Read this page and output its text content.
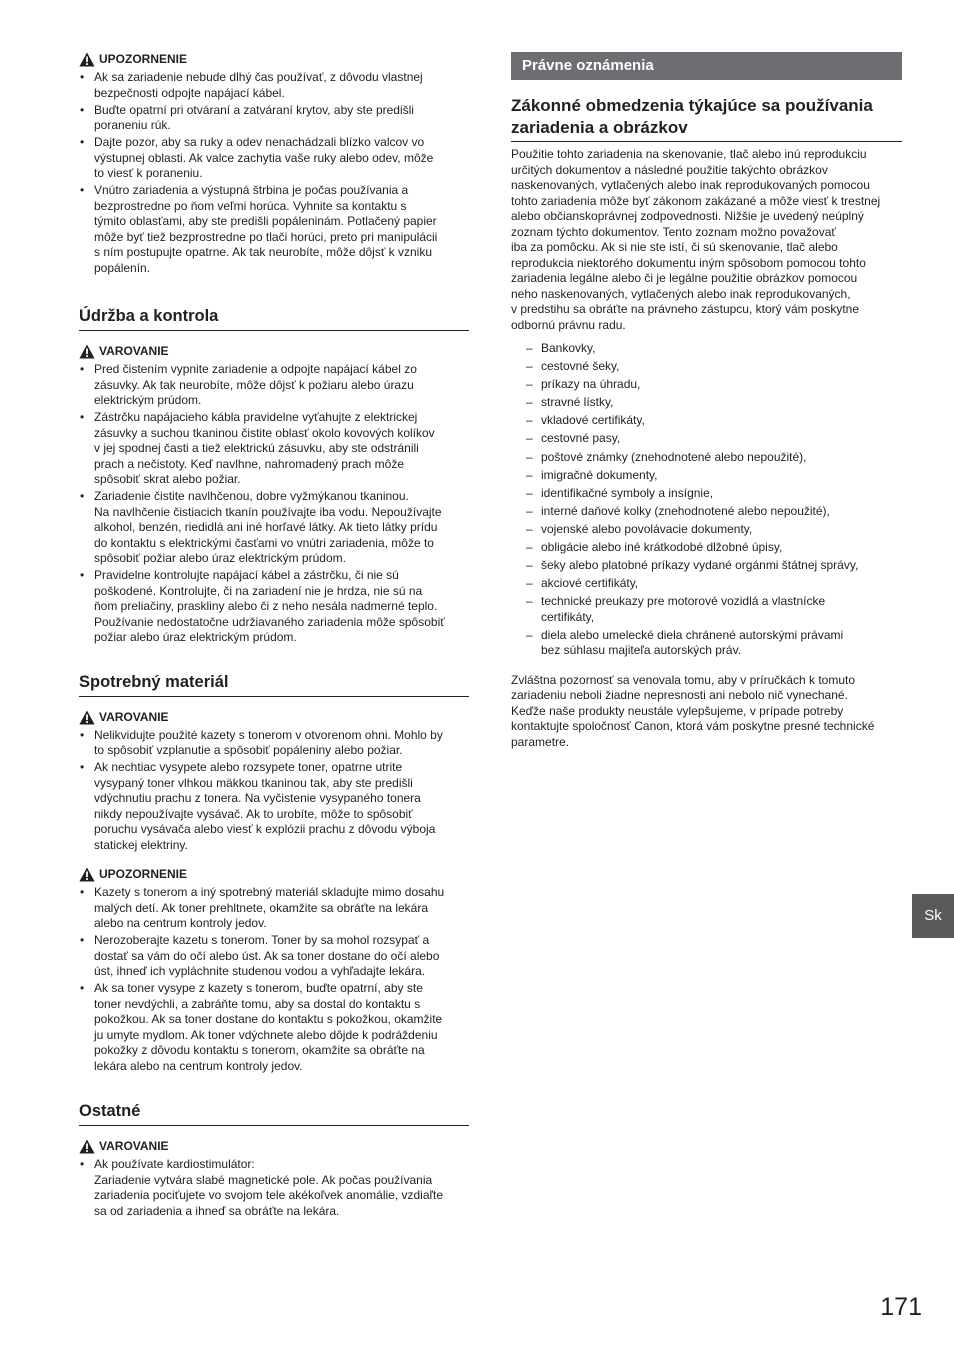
UPOZORNENIE
• Ak sa zariadenie nebude dlhý čas používať, z dôvodu vlastnej
bezpečnosti odpojte napájací kábel.
• Buďte opatrní pri otváraní a zatváraní krytov, aby ste predišli
poraneniu rúk.
• Dajte pozor, aby sa ruky a odev nenachádzali blízko valcov vo
výstupnej oblasti. Ak valce zachytia vaše ruky alebo odev, môže
to viesť k poraneniu.
• Vnútro zariadenia a výstupná štrbina je počas používania a
bezprostredne po ňom veľmi horúca. Vyhnite sa kontaktu s
týmito oblasťami, aby ste predišli popáleninám. Potlačený papier
môže byť tiež bezprostredne po tlači horúci, preto pri manipulácii
s ním postupujte opatrne. Ak tak neurobíte, môže dôjsť k vzniku
popálenín.
Údržba a kontrola
VAROVANIE
• Pred čistením vypnite zariadenie a odpojte napájací kábel zo
zásuvky. Ak tak neurobíte, môže dôjsť k požiaru alebo úrazu
elektrickým prúdom.
• Zástrčku napájacieho kábla pravidelne vyťahujte z elektrickej
zásuvky a suchou tkaninou čistite oblasť okolo kovových kolíkov
v jej spodnej časti a tiež elektrickú zásuvku, aby ste odstránili
prach a nečistoty. Keď navlhne, nahromadený prach môže
spôsobiť skrat alebo požiar.
• Zariadenie čistite navlhčenou, dobre vyžmýkanou tkaninou.
Na navlhčenie čistiacich tkanín používajte iba vodu. Nepoužívajte
alkohol, benzén, riedidlá ani iné horľavé látky. Ak tieto látky prídu
do kontaktu s elektrickými časťami vo vnútri zariadenia, môže to
spôsobiť požiar alebo úraz elektrickým prúdom.
• Pravidelne kontrolujte napájací kábel a zástrčku, či nie sú
poškodené. Kontrolujte, či na zariadení nie je hrdza, nie sú na
ňom preliačiny, praskliny alebo či z neho nesála nadmerné teplo.
Používanie nedostatočne udržiavaného zariadenia môže spôsobiť
požiar alebo úraz elektrickým prúdom.
Spotrebný materiál
VAROVANIE
• Nelikvidujte použité kazety s tonerom v otvorenom ohni. Mohlo by
to spôsobiť vzplanutie a spôsobiť popáleniny alebo požiar.
• Ak nechtiac vysypete alebo rozsypete toner, opatrne utrite
vysypaný toner vlhkou mäkkou tkaninou tak, aby ste predišli
vdýchnutiu prachu z tonera. Na vyčistenie vysypaného tonera
nikdy nepoužívajte vysávač. Ak to urobíte, môže to spôsobiť
poruchu vysávača alebo viesť k explózii prachu z dôvodu výboja
statickej elektriny.
UPOZORNENIE
• Kazety s tonerom a iný spotrebný materiál skladujte mimo dosahu
malých detí. Ak toner prehltnete, okamžite sa obráťte na lekára
alebo na centrum kontroly jedov.
• Nerozoberajte kazetu s tonerom. Toner by sa mohol rozsypať a
dostať sa vám do očí alebo úst. Ak sa toner dostane do očí alebo
úst, ihneď ich vypláchnite studenou vodou a vyhľadajte lekára.
• Ak sa toner vysype z kazety s tonerom, buďte opatrní, aby ste
toner nevdýchli, a zabráňte tomu, aby sa dostal do kontaktu s
pokožkou. Ak sa toner dostane do kontaktu s pokožkou, okamžite
ju umyte mydlom. Ak toner vdýchnete alebo dôjde k podráždeniu
pokožky z dôvodu kontaktu s tonerom, okamžite sa obráťte na
lekára alebo na centrum kontroly jedov.
Ostatné
VAROVANIE
• Ak používate kardiostimulátor:
Zariadenie vytvára slabé magnetické pole. Ak počas používania
zariadenia pociťujete vo svojom tele akékoľvek anomálie, vzdiaľte
sa od zariadenia a ihneď sa obráťte na lekára.
Právne oznámenia
Zákonné obmedzenia týkajúce sa používania
zariadenia a obrázkov

Použitie tohto zariadenia na skenovanie, tlač alebo inú reprodukciu
určitých dokumentov a následné použitie takýchto obrázkov
naskenovaných, vytlačených alebo inak reprodukovaných pomocou
tohto zariadenia môže byť zákonom zakázané a môže viesť k trestnej
alebo občianskoprávnej zodpovednosti. Nižšie je uvedený neúplný
zoznam týchto dokumentov. Tento zoznam možno považovať
iba za pomôcku. Ak si nie ste istí, či sú skenovanie, tlač alebo
reprodukcia niektorého dokumentu iným spôsobom pomocou tohto
zariadenia legálne alebo či je legálne použitie obrázkov pomocou
neho naskenovaných, vytlačených alebo inak reprodukovaných,
v predstihu sa obráťte na právneho zástupcu, ktorý vám poskytne
odbornú právnu radu.

– Bankovky,
– cestovné šeky,
– príkazy na úhradu,
– stravné lístky,
– vkladové certifikáty,
– cestovné pasy,
– poštové známky (znehodnotené alebo nepoužité),
– imigračné dokumenty,
– identifikačné symboly a insígnie,
– interné daňové kolky (znehodnotené alebo nepoužité),
– vojenské alebo povolávacie dokumenty,
– obligácie alebo iné krátkodobé dlžobné úpisy,
– šeky alebo platobné príkazy vydané orgánmi štátnej správy,
– akciové certifikáty,
– technické preukazy pre motorové vozidlá a vlastnícke
certifikáty,
– diela alebo umelecké diela chránené autorskými právami
bez súhlasu majiteľa autorských práv.

Zvláštna pozornosť sa venovala tomu, aby v príručkách k tomuto
zariadeniu neboli žiadne nepresnosti ani nebolo nič vynechané.
Keďže naše produkty neustále vylepšujeme, v prípade potreby
kontaktujte spoločnosť Canon, ktorá vám poskytne presné technické
parametre.

Sk
171
